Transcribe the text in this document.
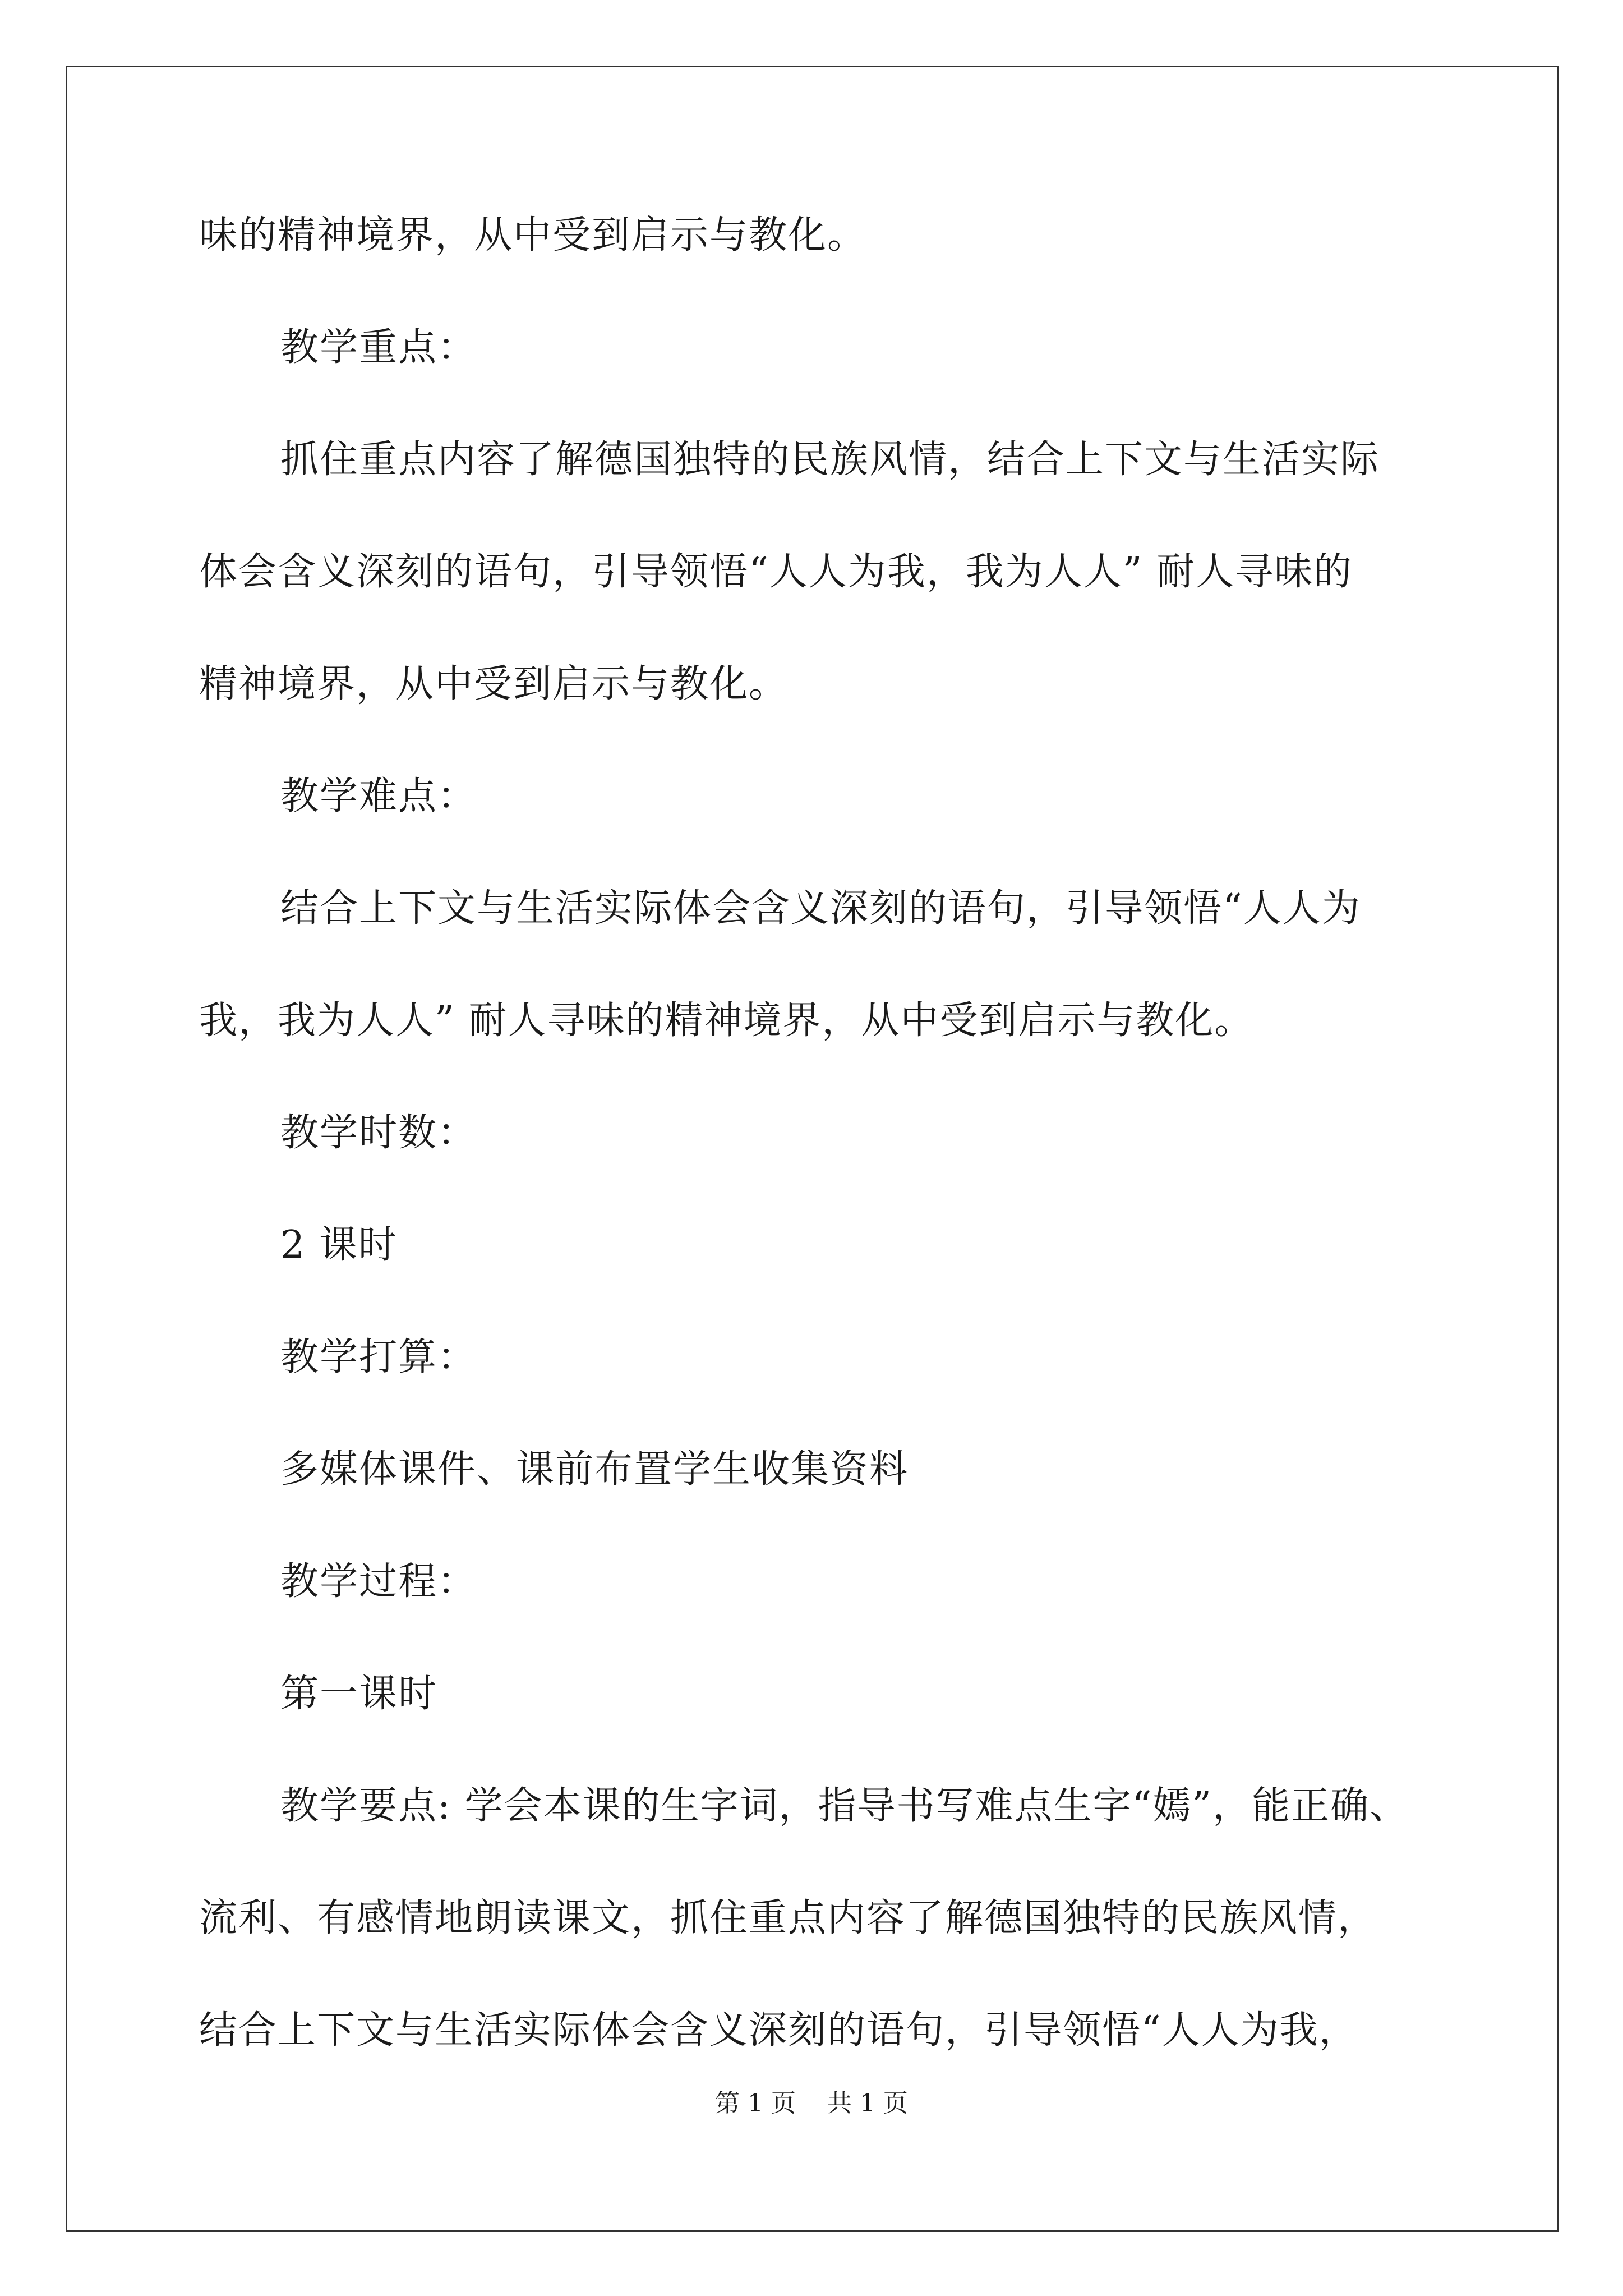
味的精神境界，从中受到启示与教化。
教学重点：
抓住重点内容了解德国独特的民族风情，结合上下文与生活实际
体会含义深刻的语句，引导领悟“人人为我，我为人人” 耐人寻味的
精神境界，从中受到启示与教化。
教学难点：
结合上下文与生活实际体会含义深刻的语句，引导领悟“人人为
我，我为人人” 耐人寻味的精神境界，从中受到启示与教化。
教学时数：
2 课时
教学打算：
多媒体课件、课前布置学生收集资料
教学过程：
第一课时
教学要点: 学会本课的生字词，指导书写难点生字“嫣”，能正确、
流利、有感情地朗读课文，抓住重点内容了解德国独特的民族风情，
结合上下文与生活实际体会含义深刻的语句，引导领悟“人人为我，
第 1 页    共 1 页
